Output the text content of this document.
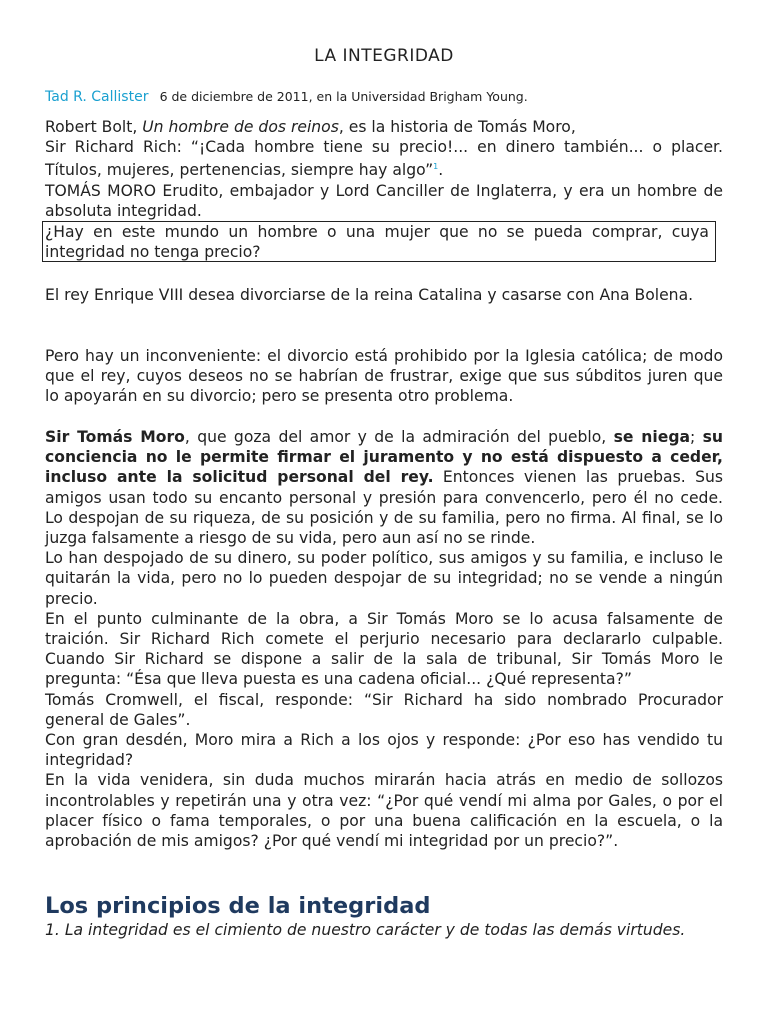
LA INTEGRIDAD
Tad R. Callister 6 de diciembre de 2011, en la Universidad Brigham Young.

Robert Bolt, Un hombre de dos reinos, es la historia de Tomás Moro,

Sir Richard Rich: “¡Cada hombre tiene su precio!... en dinero también... o placer. Títulos, mujeres, pertenencias, siempre hay algo”$^1$.

TOMÁS MORO Erudito, embajador y Lord Canciller de Inglaterra, y era un hombre de absoluta integridad.

¿Hay en este mundo un hombre o una mujer que no se pueda comprar, cuya integridad no tenga precio?

El rey Enrique VIII desea divorciarse de la reina Catalina y casarse con Ana Bolena.

Pero hay un inconveniente: el divorcio está prohibido por la Iglesia católica; de modo que el rey, cuyos deseos no se habrían de frustrar, exige que sus súbditos juren que lo apoyarán en su divorcio; pero se presenta otro problema.

Sir Tomás Moro, que goza del amor y de la admiración del pueblo, se niega; su conciencia no le permite firmar el juramento y no está dispuesto a ceder, incluso ante la solicitud personal del rey. Entonces vienen las pruebas. Sus amigos usan todo su encanto personal y presión para convencerlo, pero él no cede. Lo despojan de su riqueza, de su posición y de su familia, pero no firma. Al final, se lo juzga falsamente a riesgo de su vida, pero aun así no se rinde.

Lo han despojado de su dinero, su poder político, sus amigos y su familia, e incluso le quitarán la vida, pero no lo pueden despojar de su integridad; no se vende a ningún precio.

En el punto culminante de la obra, a Sir Tomás Moro se lo acusa falsamente de traición. Sir Richard Rich comete el perjurio necesario para declararlo culpable. Cuando Sir Richard se dispone a salir de la sala de tribunal, Sir Tomás Moro le pregunta: “Ésa que lleva puesta es una cadena oficial... ¿Qué representa?”

Tomás Cromwell, el fiscal, responde: “Sir Richard ha sido nombrado Procurador general de Gales”.

Con gran desdén, Moro mira a Rich a los ojos y responde: ¿Por eso has vendido tu integridad?

En la vida venidera, sin duda muchos mirarán hacia atrás en medio de sollozos incontrolables y repetirán una y otra vez: “¿Por qué vendí mi alma por Gales, o por el placer físico o fama temporales, o por una buena calificación en la escuela, o la aprobación de mis amigos? ¿Por qué vendí mi integridad por un precio?”.

Los principios de la integridad

1. La integridad es el cimiento de nuestro carácter y de todas las demás virtudes.
